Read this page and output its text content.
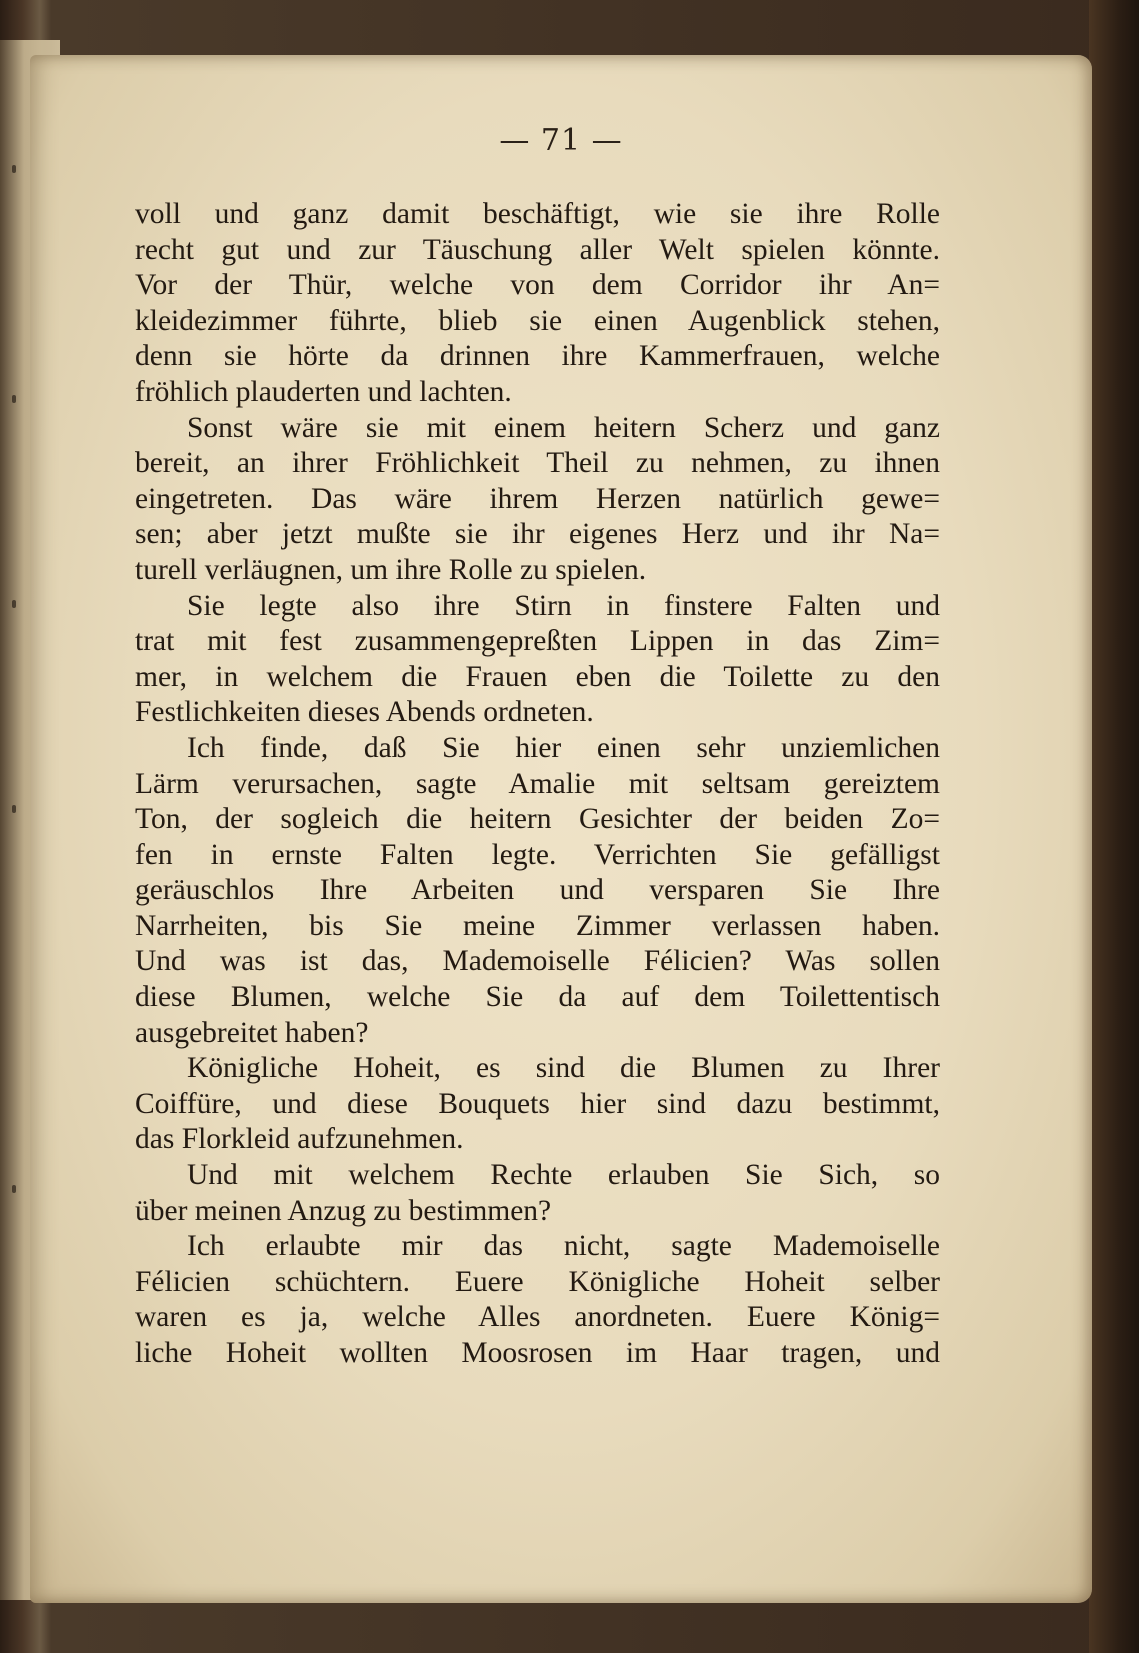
— 71 —
voll und ganz damit beschäftigt, wie sie ihre Rolle
recht gut und zur Täuschung aller Welt spielen könnte.
Vor der Thür, welche von dem Corridor ihr An=
kleidezimmer führte, blieb sie einen Augenblick stehen,
denn sie hörte da drinnen ihre Kammerfrauen, welche
fröhlich plauderten und lachten.
Sonst wäre sie mit einem heitern Scherz und ganz
bereit, an ihrer Fröhlichkeit Theil zu nehmen, zu ihnen
eingetreten. Das wäre ihrem Herzen natürlich gewe=
sen; aber jetzt mußte sie ihr eigenes Herz und ihr Na=
turell verläugnen, um ihre Rolle zu spielen.
Sie legte also ihre Stirn in finstere Falten und
trat mit fest zusammengepreßten Lippen in das Zim=
mer, in welchem die Frauen eben die Toilette zu den
Festlichkeiten dieses Abends ordneten.
Ich finde, daß Sie hier einen sehr unziemlichen
Lärm verursachen, sagte Amalie mit seltsam gereiztem
Ton, der sogleich die heitern Gesichter der beiden Zo=
fen in ernste Falten legte. Verrichten Sie gefälligst
geräuschlos Ihre Arbeiten und versparen Sie Ihre
Narrheiten, bis Sie meine Zimmer verlassen haben.
Und was ist das, Mademoiselle Félicien? Was sollen
diese Blumen, welche Sie da auf dem Toilettentisch
ausgebreitet haben?
Königliche Hoheit, es sind die Blumen zu Ihrer
Coiffüre, und diese Bouquets hier sind dazu bestimmt,
das Florkleid aufzunehmen.
Und mit welchem Rechte erlauben Sie Sich, so
über meinen Anzug zu bestimmen?
Ich erlaubte mir das nicht, sagte Mademoiselle
Félicien schüchtern. Euere Königliche Hoheit selber
waren es ja, welche Alles anordneten. Euere König=
liche Hoheit wollten Moosrosen im Haar tragen, und
